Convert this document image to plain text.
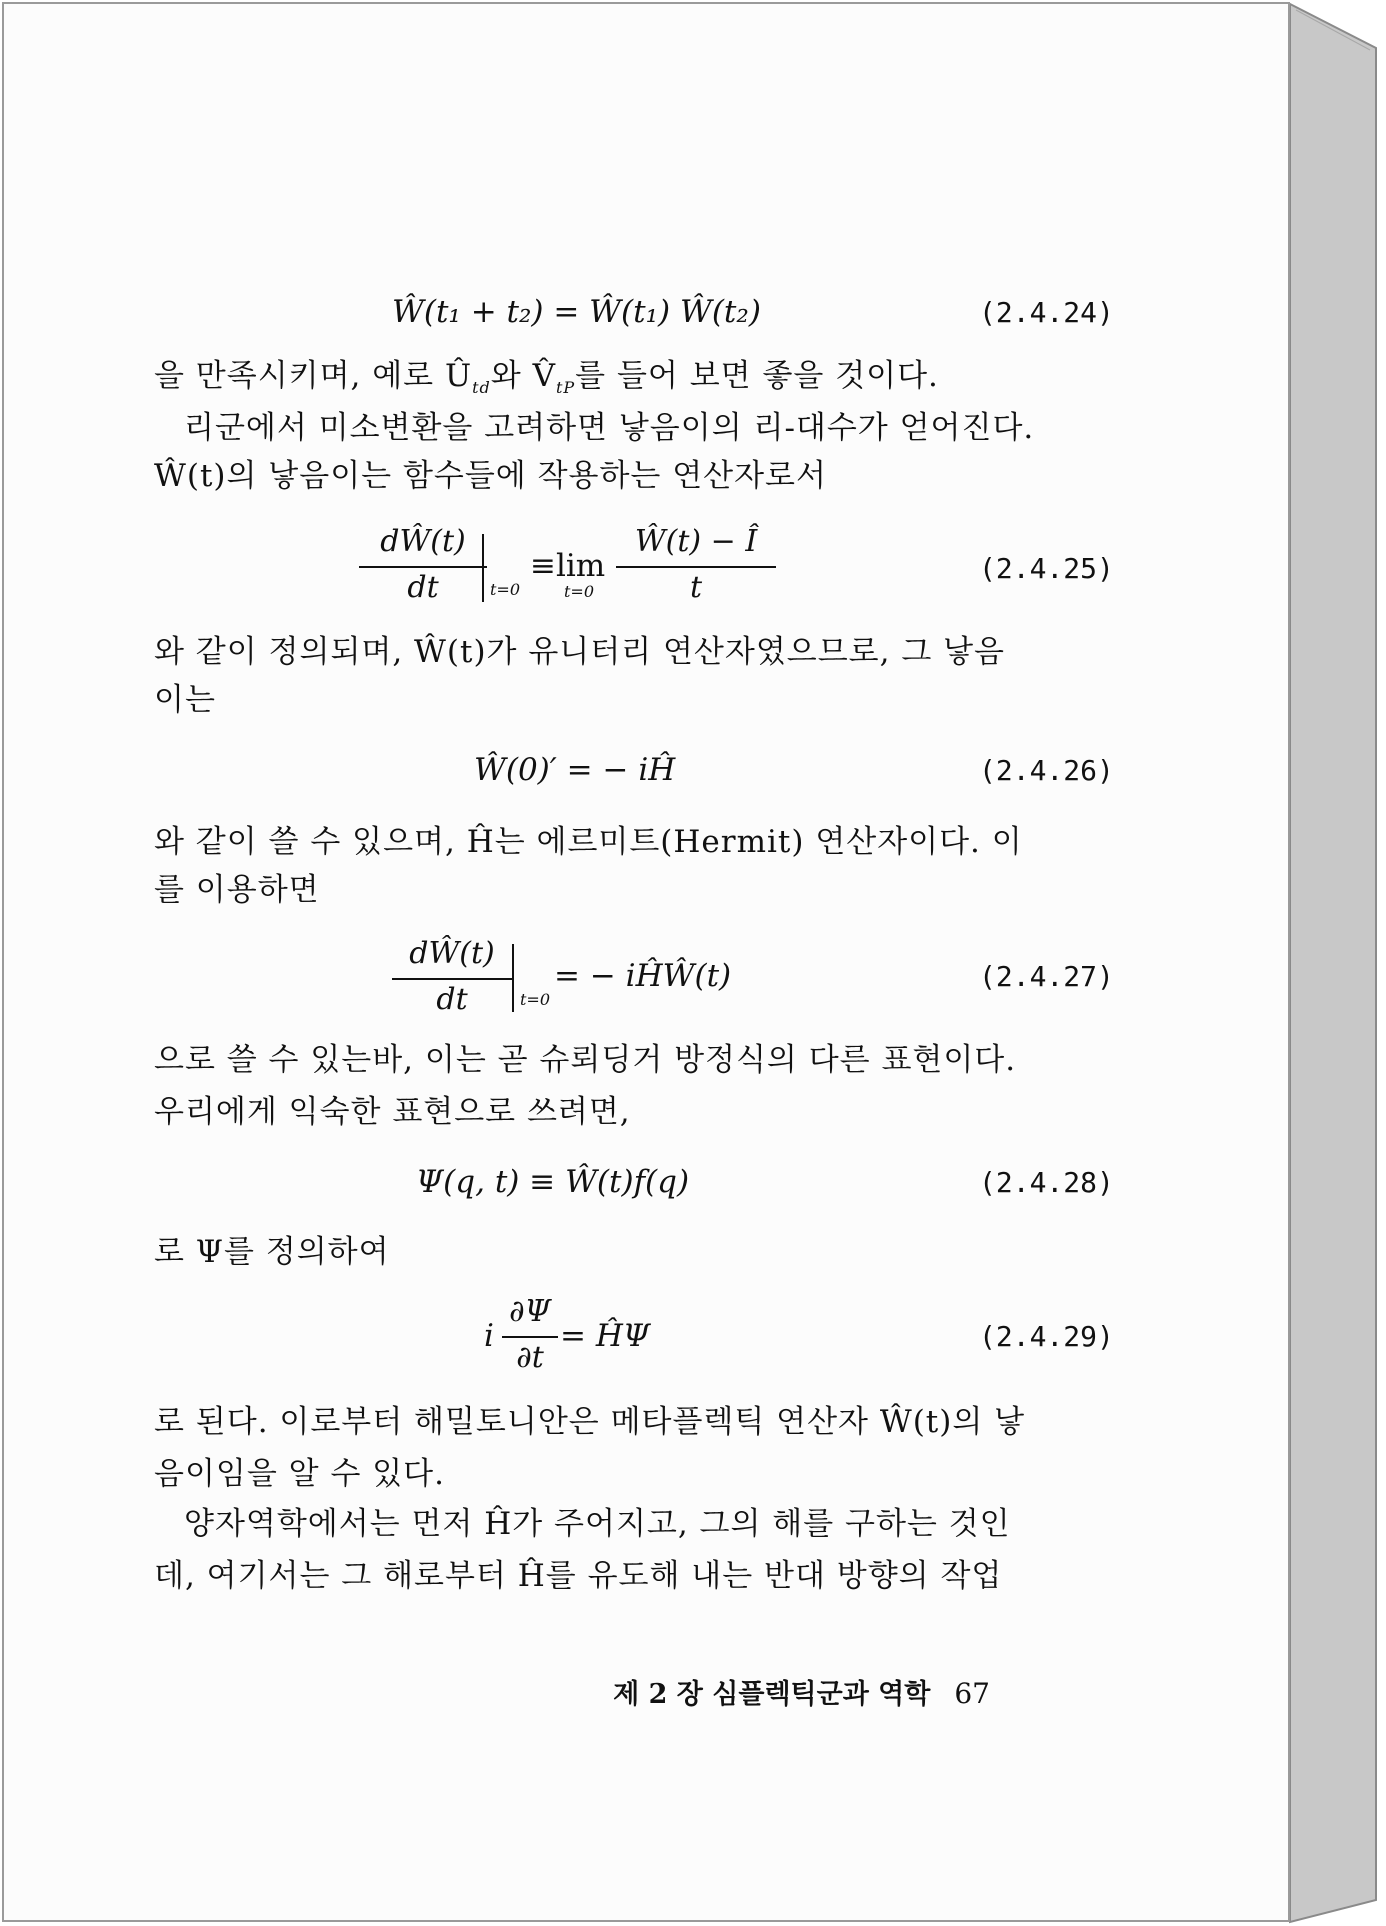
Ŵ(t₁ + t₂) = Ŵ(t₁) Ŵ(t₂)	(2.4.24)
을 만족시키며, 예로 $Û_{td}$와 $V̂_{tP}$를 들어 보면 좋을 것이다.
리군에서 미소변환을 고려하면 낳음이의 리-대수가 얻어진다.
Ŵ(t)의 낳음이는 함수들에 작용하는 연산자로서
dŴ(t)
dt	t=0
≡lim
t=0
Ŵ(t) − Î
t
(2.4.25)
와 같이 정의되며, Ŵ(t)가 유니터리 연산자였으므로, 그 낳음
이는
Ŵ(0)′ = − iĤ	(2.4.26)
와 같이 쓸 수 있으며, Ĥ는 에르미트(Hermit) 연산자이다. 이
를 이용하면
dŴ(t)
dt	t=0
= − iĤŴ(t)	(2.4.27)
으로 쓸 수 있는바, 이는 곧 슈뢰딩거 방정식의 다른 표현이다.
우리에게 익숙한 표현으로 쓰려면,
Ψ(q, t) ≡ Ŵ(t)f(q)	(2.4.28)
로 Ψ를 정의하여
i
∂Ψ
∂t
= ĤΨ	(2.4.29)
로 된다. 이로부터 해밀토니안은 메타플렉틱 연산자 Ŵ(t)의 낳
음이임을 알 수 있다.
양자역학에서는 먼저 Ĥ가 주어지고, 그의 해를 구하는 것인
데, 여기서는 그 해로부터 Ĥ를 유도해 내는 반대 방향의 작업
제 2 장 심플렉틱군과 역학 67
